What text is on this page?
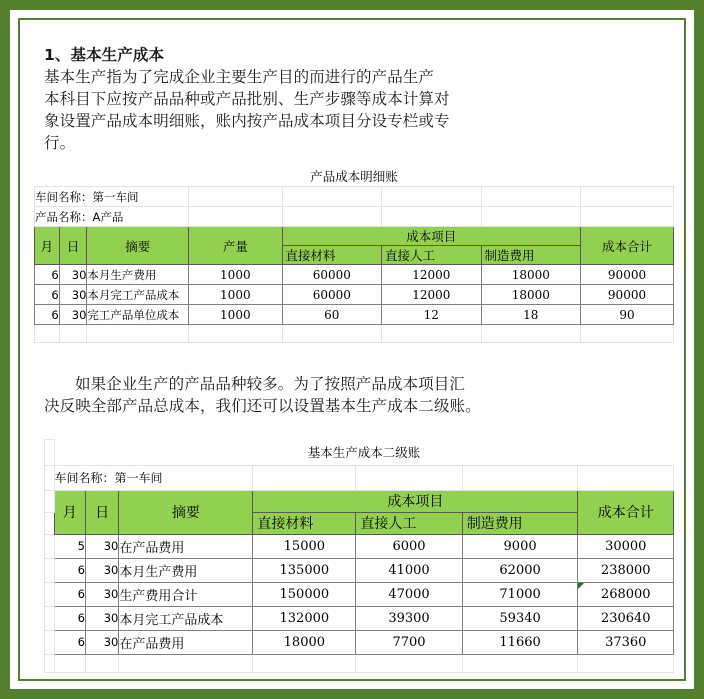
1、基本生产成本
基本生产指为了完成企业主要生产目的而进行的产品生产
本科目下应按产品品种或产品批别、生产步骤等成本计算对
象设置产品成本明细账，账内按产品成本项目分设专栏或专
行。
产品成本明细账							
车间名称：第一车间							
产品名称：A产品							
月	日	摘要	产量	成本项目			成本合计
				直接材料	直接人工	制造费用	
6	30	本月生产费用	1000	60000	12000	18000	90000
6	30	本月完工产品成本	1000	60000	12000	18000	90000
6	30	完工产品单位成本	1000	60	12	18	90

如果企业生产的产品品种较多。为了按照产品成本项目汇
决反映全部产品总成本，我们还可以设置基本生产成本二级账。
	基本生产成本二级账						
	车间名称：第一车间						
	月	日	摘要	成本项目			成本合计
				直接材料	直接人工	制造费用	
	5	30	在产品费用	15000	6000	9000	30000
	6	30	本月生产费用	135000	41000	62000	238000
	6	30	生产费用合计	150000	47000	71000	268000
	6	30	本月完工产品成本	132000	39300	59340	230640
	6	30	在产品费用	18000	7700	11660	37360
